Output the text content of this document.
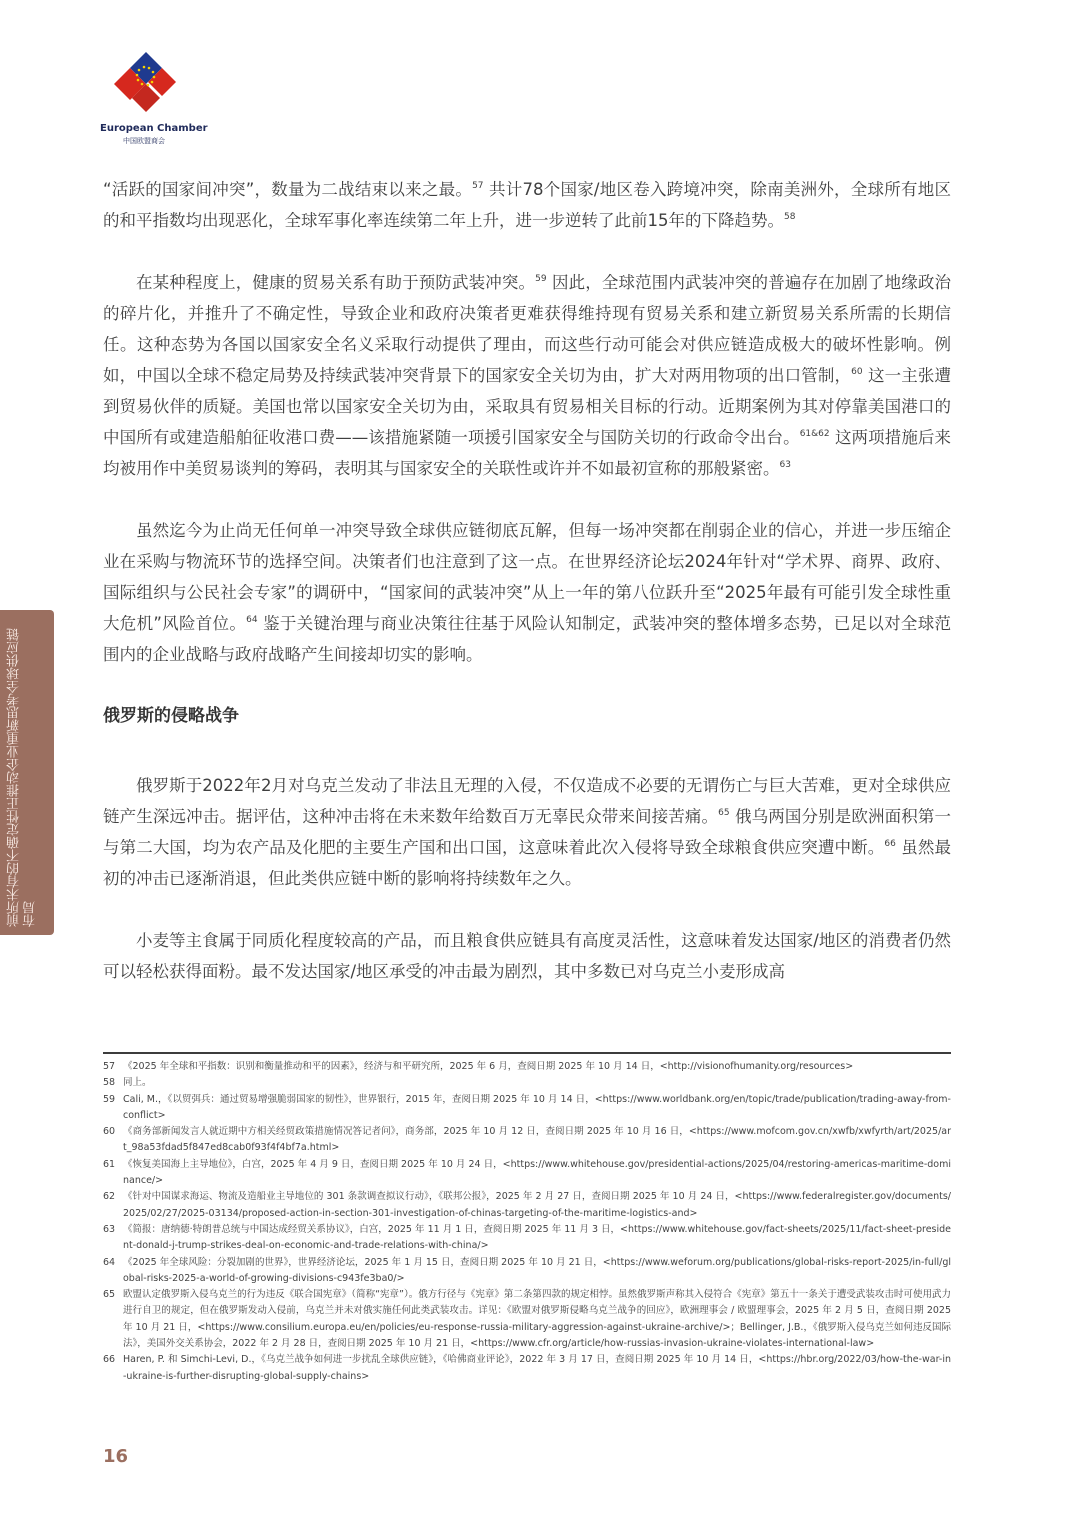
European Chamber
中国欧盟商会
前所未有的不确定性正推动企业重新思考全球供应链布局
“活跃的国家间冲突”，数量为二战结束以来之最。$^{57}$ 共计78个国家/地区卷入跨境冲突，除南美洲外，全球所有地区的和平指数均出现恶化，全球军事化率连续第二年上升，进一步逆转了此前15年的下降趋势。$^{58}$
在某种程度上，健康的贸易关系有助于预防武装冲突。$^{59}$ 因此，全球范围内武装冲突的普遍存在加剧了地缘政治的碎片化，并推升了不确定性，导致企业和政府决策者更难获得维持现有贸易关系和建立新贸易关系所需的长期信任。这种态势为各国以国家安全名义采取行动提供了理由，而这些行动可能会对供应链造成极大的破坏性影响。例如，中国以全球不稳定局势及持续武装冲突背景下的国家安全关切为由，扩大对两用物项的出口管制，$^{60}$ 这一主张遭到贸易伙伴的质疑。美国也常以国家安全关切为由，采取具有贸易相关目标的行动。近期案例为其对停靠美国港口的中国所有或建造船舶征收港口费——该措施紧随一项援引国家安全与国防关切的行政命令出台。$^{61\&62}$ 这两项措施后来均被用作中美贸易谈判的筹码，表明其与国家安全的关联性或许并不如最初宣称的那般紧密。$^{63}$
虽然迄今为止尚无任何单一冲突导致全球供应链彻底瓦解，但每一场冲突都在削弱企业的信心，并进一步压缩企业在采购与物流环节的选择空间。决策者们也注意到了这一点。在世界经济论坛2024年针对“学术界、商界、政府、国际组织与公民社会专家”的调研中，“国家间的武装冲突”从上一年的第八位跃升至“2025年最有可能引发全球性重大危机”风险首位。$^{64}$ 鉴于关键治理与商业决策往往基于风险认知制定，武装冲突的整体增多态势，已足以对全球范围内的企业战略与政府战略产生间接却切实的影响。
俄罗斯的侵略战争
俄罗斯于2022年2月对乌克兰发动了非法且无理的入侵，不仅造成不必要的无谓伤亡与巨大苦难，更对全球供应链产生深远冲击。据评估，这种冲击将在未来数年给数百万无辜民众带来间接苦痛。$^{65}$ 俄乌两国分别是欧洲面积第一与第二大国，均为农产品及化肥的主要生产国和出口国，这意味着此次入侵将导致全球粮食供应突遭中断。$^{66}$ 虽然最初的冲击已逐渐消退，但此类供应链中断的影响将持续数年之久。
小麦等主食属于同质化程度较高的产品，而且粮食供应链具有高度灵活性，这意味着发达国家/地区的消费者仍然可以轻松获得面粉。最不发达国家/地区承受的冲击最为剧烈，其中多数已对乌克兰小麦形成高
57 《2025 年全球和平指数：识别和衡量推动和平的因素》，经济与和平研究所，2025 年 6 月，查阅日期 2025 年 10 月 14 日，<http://visionofhumanity.org/resources>
58 同上。
59 Cali, M.，《以贸弭兵：通过贸易增强脆弱国家的韧性》，世界银行，2015 年，查阅日期 2025 年 10 月 14 日，<https://www.worldbank.org/en/topic/trade/publication/trading-away-from-conflict>
60 《商务部新闻发言人就近期中方相关经贸政策措施情况答记者问》，商务部，2025 年 10 月 12 日，查阅日期 2025 年 10 月 16 日，<https://www.mofcom.gov.cn/xwfb/xwfyrth/art/2025/art_98a53fdad5f847ed8cab0f93f4f4bf7a.html>
61 《恢复美国海上主导地位》，白宫，2025 年 4 月 9 日，查阅日期 2025 年 10 月 24 日，<https://www.whitehouse.gov/presidential-actions/2025/04/restoring-americas-maritime-dominance/>
62 《针对中国谋求海运、物流及造船业主导地位的 301 条款调查拟议行动》，《联邦公报》，2025 年 2 月 27 日，查阅日期 2025 年 10 月 24 日，<https://www.federalregister.gov/documents/2025/02/27/2025-03134/proposed-action-in-section-301-investigation-of-chinas-targeting-of-the-maritime-logistics-and>
63 《简报：唐纳德·特朗普总统与中国达成经贸关系协议》，白宫，2025 年 11 月 1 日，查阅日期 2025 年 11 月 3 日，<https://www.whitehouse.gov/fact-sheets/2025/11/fact-sheet-president-donald-j-trump-strikes-deal-on-economic-and-trade-relations-with-china/>
64 《2025 年全球风险：分裂加剧的世界》，世界经济论坛，2025 年 1 月 15 日，查阅日期 2025 年 10 月 21 日，<https://www.weforum.org/publications/global-risks-report-2025/in-full/global-risks-2025-a-world-of-growing-divisions-c943fe3ba0/>
65 欧盟认定俄罗斯入侵乌克兰的行为违反《联合国宪章》（简称“宪章”）。俄方行径与《宪章》第二条第四款的规定相悖。虽然俄罗斯声称其入侵符合《宪章》第五十一条关于遭受武装攻击时可使用武力进行自卫的规定，但在俄罗斯发动入侵前，乌克兰并未对俄实施任何此类武装攻击。详见：《欧盟对俄罗斯侵略乌克兰战争的回应》，欧洲理事会 / 欧盟理事会，2025 年 2 月 5 日，查阅日期 2025 年 10 月 21 日，<https://www.consilium.europa.eu/en/policies/eu-response-russia-military-aggression-against-ukraine-archive/>；Bellinger, J.B.，《俄罗斯入侵乌克兰如何违反国际法》，美国外交关系协会，2022 年 2 月 28 日，查阅日期 2025 年 10 月 21 日，<https://www.cfr.org/article/how-russias-invasion-ukraine-violates-international-law>
66 Haren, P. 和 Simchi-Levi, D.，《乌克兰战争如何进一步扰乱全球供应链》，《哈佛商业评论》，2022 年 3 月 17 日，查阅日期 2025 年 10 月 14 日，<https://hbr.org/2022/03/how-the-war-in-ukraine-is-further-disrupting-global-supply-chains>
16
